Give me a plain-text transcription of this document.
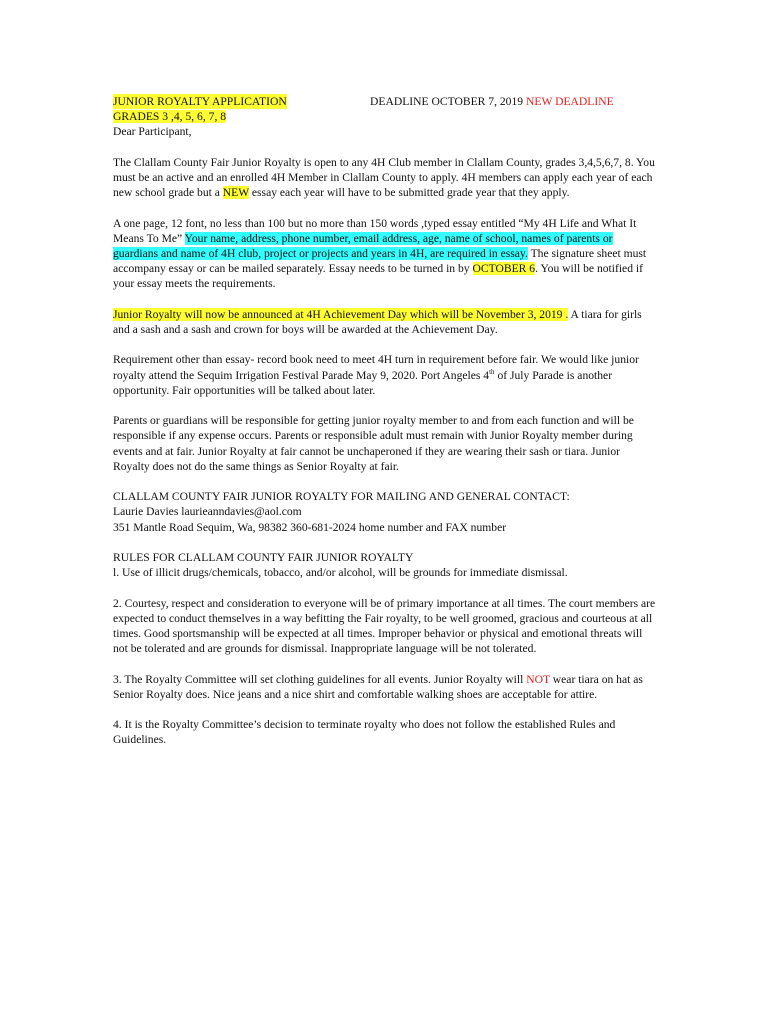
JUNIOR ROYALTY APPLICATION	DEADLINE OCTOBER 7, 2019 NEW DEADLINE
GRADES 3 ,4, 5, 6, 7, 8

Dear Participant,

The Clallam County Fair Junior Royalty is open to any 4H Club member in Clallam County, grades 3,4,5,6,7, 8. You must be an active and an enrolled 4H Member in Clallam County to apply. 4H members can apply each year of each new school grade but a NEW essay each year will have to be submitted grade year that they apply.

A one page, 12 font, no less than 100 but no more than 150 words ,typed essay entitled “My 4H Life and What It Means To Me” Your name, address, phone number, email address, age, name of school, names of parents or guardians and name of 4H club, project or projects and years in 4H, are required in essay. The signature sheet must accompany essay or can be mailed separately. Essay needs to be turned in by OCTOBER 6. You will be notified if your essay meets the requirements.

Junior Royalty will now be announced at 4H Achievement Day which will be November 3, 2019 . A tiara for girls and a sash and a sash and crown for boys will be awarded at the Achievement Day.

Requirement other than essay- record book need to meet 4H turn in requirement before fair. We would like junior royalty attend the Sequim Irrigation Festival Parade May 9, 2020. Port Angeles 4th of July Parade is another opportunity. Fair opportunities will be talked about later.

Parents or guardians will be responsible for getting junior royalty member to and from each function and will be responsible if any expense occurs. Parents or responsible adult must remain with Junior Royalty member during events and at fair. Junior Royalty at fair cannot be unchaperoned if they are wearing their sash or tiara. Junior Royalty does not do the same things as Senior Royalty at fair.

CLALLAM COUNTY FAIR JUNIOR ROYALTY FOR MAILING AND GENERAL CONTACT:
Laurie Davies laurieanndavies@aol.com
351 Mantle Road Sequim, Wa, 98382 360-681-2024 home number and FAX number

RULES FOR CLALLAM COUNTY FAIR JUNIOR ROYALTY

l. Use of illicit drugs/chemicals, tobacco, and/or alcohol, will be grounds for immediate dismissal.

2. Courtesy, respect and consideration to everyone will be of primary importance at all times. The court members are expected to conduct themselves in a way befitting the Fair royalty, to be well groomed, gracious and courteous at all times. Good sportsmanship will be expected at all times. Improper behavior or physical and emotional threats will not be tolerated and are grounds for dismissal. Inappropriate language will be not tolerated.

3. The Royalty Committee will set clothing guidelines for all events. Junior Royalty will NOT wear tiara on hat as Senior Royalty does. Nice jeans and a nice shirt and comfortable walking shoes are acceptable for attire.

4. It is the Royalty Committee’s decision to terminate royalty who does not follow the established Rules and Guidelines.
